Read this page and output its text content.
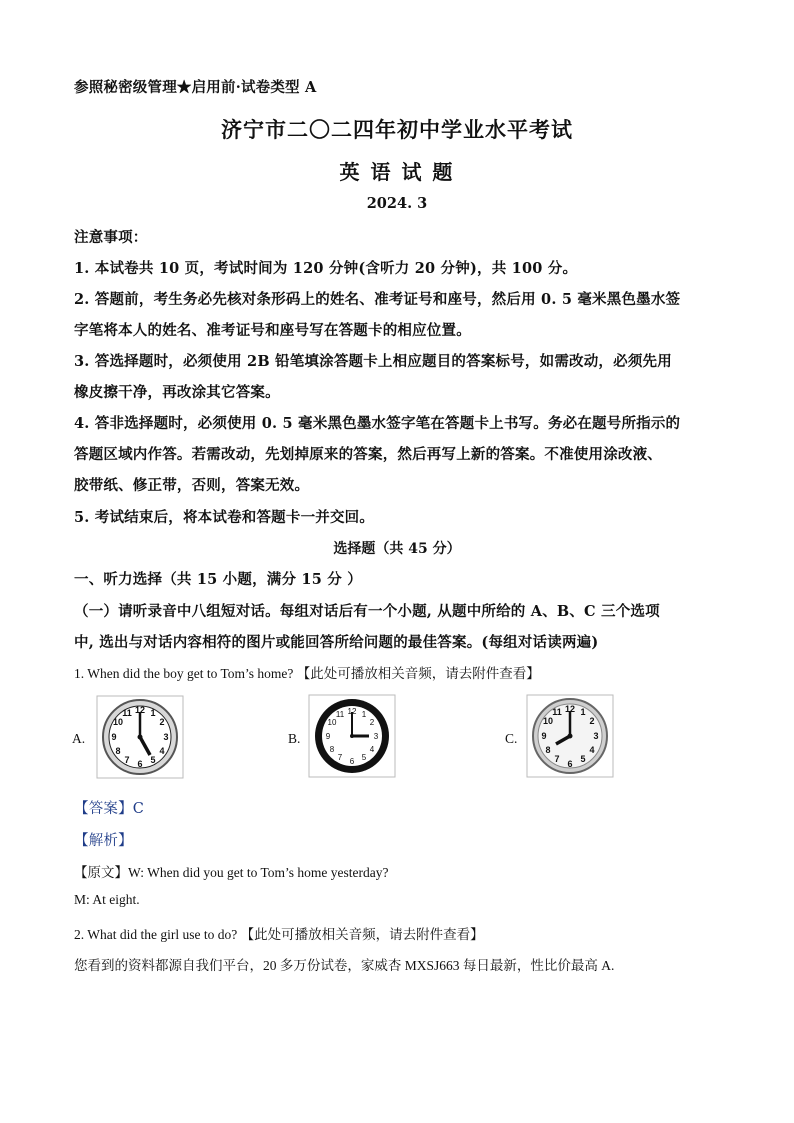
参照秘密级管理★启用前·试卷类型 A
济宁市二〇二四年初中学业水平考试
英 语 试 题
2024. 3
注意事项：
1. 本试卷共 10 页，考试时间为 120 分钟(含听力 20 分钟)，共 100 分。
2. 答题前，考生务必先核对条形码上的姓名、准考证号和座号，然后用 0. 5 毫米黑色墨水签
字笔将本人的姓名、准考证号和座号写在答题卡的相应位置。
3. 答选择题时，必须使用 2B 铅笔填涂答题卡上相应题目的答案标号，如需改动，必须先用
橡皮擦干净，再改涂其它答案。
4. 答非选择题时，必须使用 0. 5 毫米黑色墨水签字笔在答题卡上书写。务必在题号所指示的
答题区域内作答。若需改动，先划掉原来的答案，然后再写上新的答案。不准使用涂改液、
胶带纸、修正带，否则，答案无效。
5. 考试结束后，将本试卷和答题卡一并交回。
选择题（共 45 分）
一、听力选择（共 15 小题，满分 15 分 ）
（一）请听录音中八组短对话。每组对话后有一个小题, 从题中所给的 A、B、C 三个选项
中, 选出与对话内容相符的图片或能回答所给问题的最佳答案。(每组对话读两遍)
1. When did the boy get to Tom’s home? 【此处可播放相关音频，请去附件查看】
A.
12 1
2
3
4
5
6
7
8
9
10
11
B.
12 1
2
3
4
5
6
7
8
9
10
11
C.
12 1
2
3
4
5
6
7
8
9
10
11
【答案】C
【解析】
【原文】W: When did you get to Tom’s home yesterday?
M: At eight.
2. What did the girl use to do? 【此处可播放相关音频，请去附件查看】
您看到的资料都源自我们平台，20 多万份试卷，家威杏 MXSJ663 每日最新，性比价最高 A.
